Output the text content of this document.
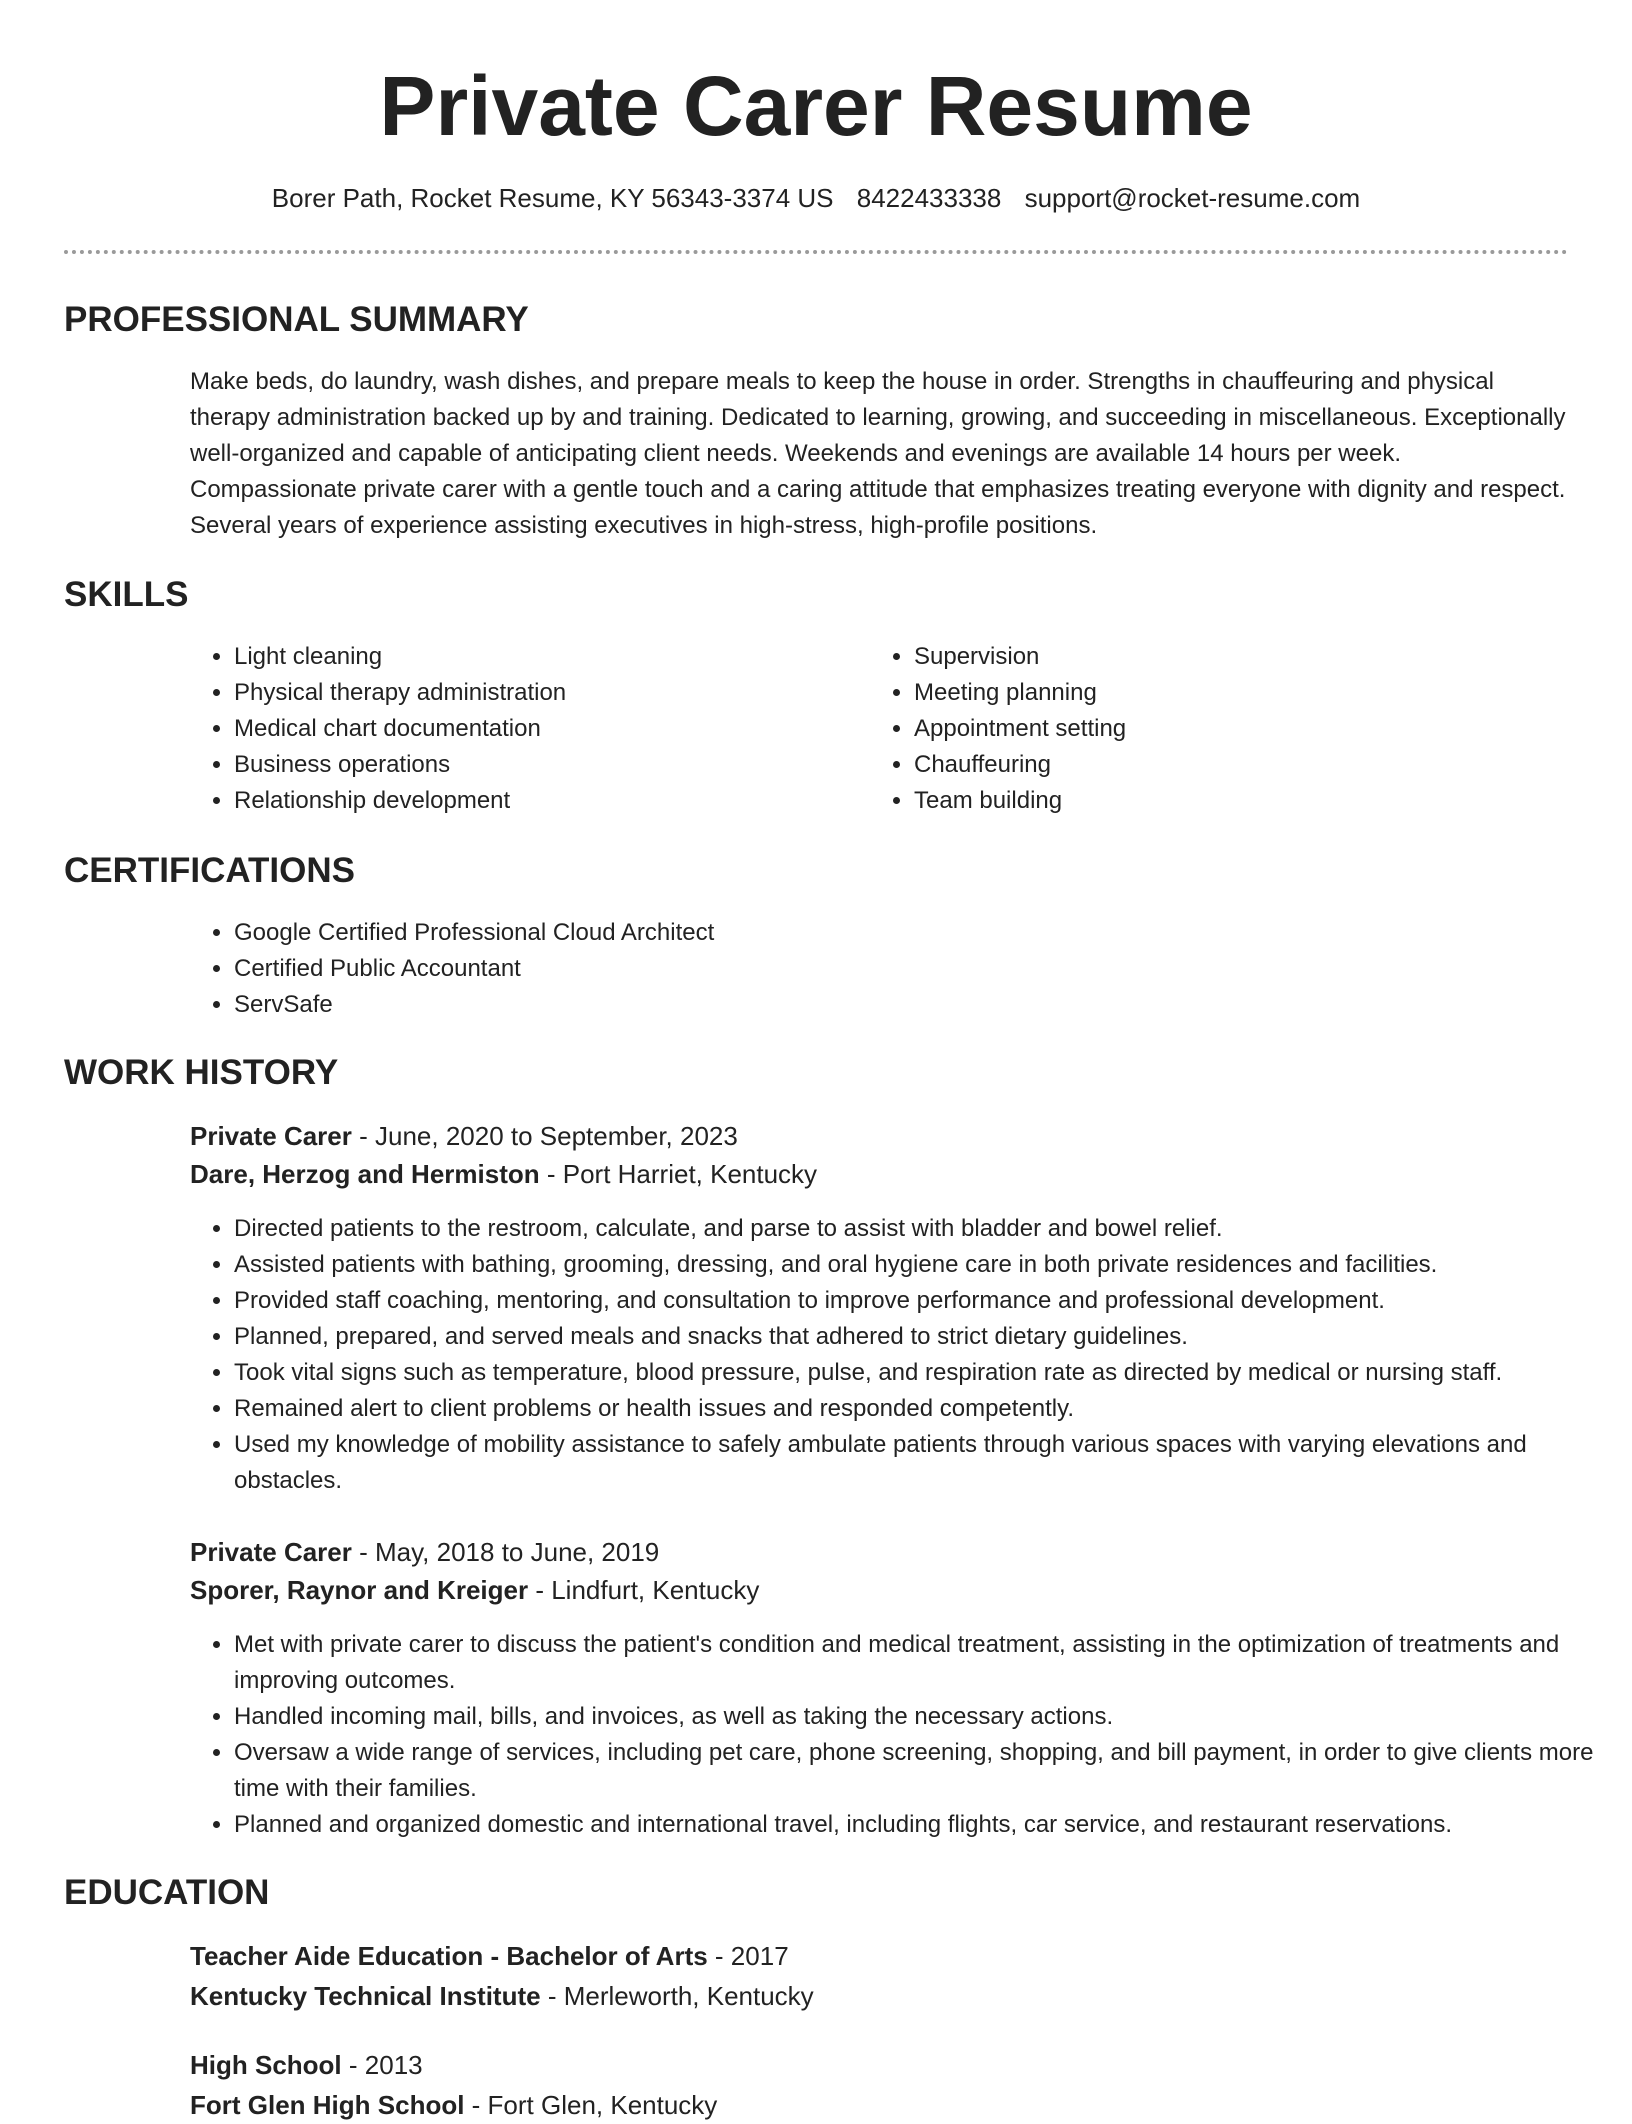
Private Carer Resume
Borer Path, Rocket Resume, KY 56343-3374 US 8422433338 support@rocket-resume.com
PROFESSIONAL SUMMARY

Make beds, do laundry, wash dishes, and prepare meals to keep the house in order. Strengths in chauffeuring and physical therapy administration backed up by and training. Dedicated to learning, growing, and succeeding in miscellaneous. Exceptionally well-organized and capable of anticipating client needs. Weekends and evenings are available 14 hours per week. Compassionate private carer with a gentle touch and a caring attitude that emphasizes treating everyone with dignity and respect. Several years of experience assisting executives in high-stress, high-profile positions.

SKILLS
• Light cleaning
• Physical therapy administration
• Medical chart documentation
• Business operations
• Relationship development
• Supervision
• Meeting planning
• Appointment setting
• Chauffeuring
• Team building
CERTIFICATIONS
• Google Certified Professional Cloud Architect
• Certified Public Accountant
• ServSafe
WORK HISTORY
Private Carer - June, 2020 to September, 2023
Dare, Herzog and Hermiston - Port Harriet, Kentucky
• Directed patients to the restroom, calculate, and parse to assist with bladder and bowel relief.
• Assisted patients with bathing, grooming, dressing, and oral hygiene care in both private residences and facilities.
• Provided staff coaching, mentoring, and consultation to improve performance and professional development.
• Planned, prepared, and served meals and snacks that adhered to strict dietary guidelines.
• Took vital signs such as temperature, blood pressure, pulse, and respiration rate as directed by medical or nursing staff.
• Remained alert to client problems or health issues and responded competently.
• Used my knowledge of mobility assistance to safely ambulate patients through various spaces with varying elevations and obstacles.
Private Carer - May, 2018 to June, 2019
Sporer, Raynor and Kreiger - Lindfurt, Kentucky
• Met with private carer to discuss the patient's condition and medical treatment, assisting in the optimization of treatments and improving outcomes.
• Handled incoming mail, bills, and invoices, as well as taking the necessary actions.
• Oversaw a wide range of services, including pet care, phone screening, shopping, and bill payment, in order to give clients more time with their families.
• Planned and organized domestic and international travel, including flights, car service, and restaurant reservations.
EDUCATION
Teacher Aide Education - Bachelor of Arts - 2017
Kentucky Technical Institute - Merleworth, Kentucky
High School - 2013
Fort Glen High School - Fort Glen, Kentucky
